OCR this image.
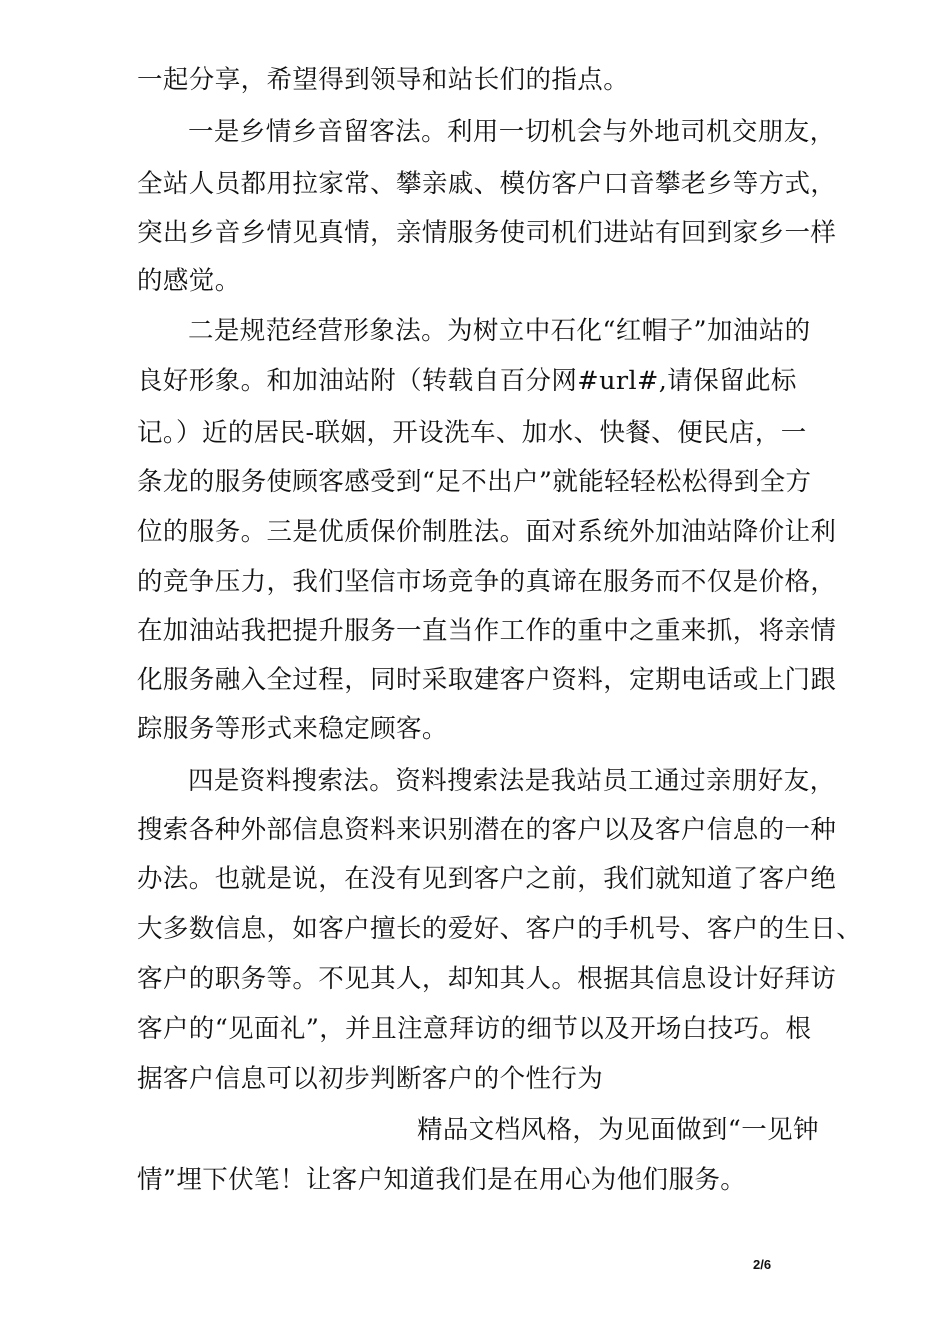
一起分享，希望得到领导和站长们的指点。
一是乡情乡音留客法。利用一切机会与外地司机交朋友，
全站人员都用拉家常、攀亲戚、模仿客户口音攀老乡等方式，
突出乡音乡情见真情，亲情服务使司机们进站有回到家乡一样
的感觉。
二是规范经营形象法。为树立中石化“红帽子”加油站的
良好形象。和加油站附（转载自百分网#url#,请保留此标
记。）近的居民-联姻，开设洗车、加水、快餐、便民店，一
条龙的服务使顾客感受到“足不出户”就能轻轻松松得到全方
位的服务。三是优质保价制胜法。面对系统外加油站降价让利
的竞争压力，我们坚信市场竞争的真谛在服务而不仅是价格，
在加油站我把提升服务一直当作工作的重中之重来抓，将亲情
化服务融入全过程，同时采取建客户资料，定期电话或上门跟
踪服务等形式来稳定顾客。
四是资料搜索法。资料搜索法是我站员工通过亲朋好友，
搜索各种外部信息资料来识别潜在的客户以及客户信息的一种
办法。也就是说，在没有见到客户之前，我们就知道了客户绝
大多数信息，如客户擅长的爱好、客户的手机号、客户的生日、
客户的职务等。不见其人，却知其人。根据其信息设计好拜访
客户的“见面礼”，并且注意拜访的细节以及开场白技巧。根
据客户信息可以初步判断客户的个性行为
精品文档风格，为见面做到“一见钟
情”埋下伏笔！让客户知道我们是在用心为他们服务。
2/6
